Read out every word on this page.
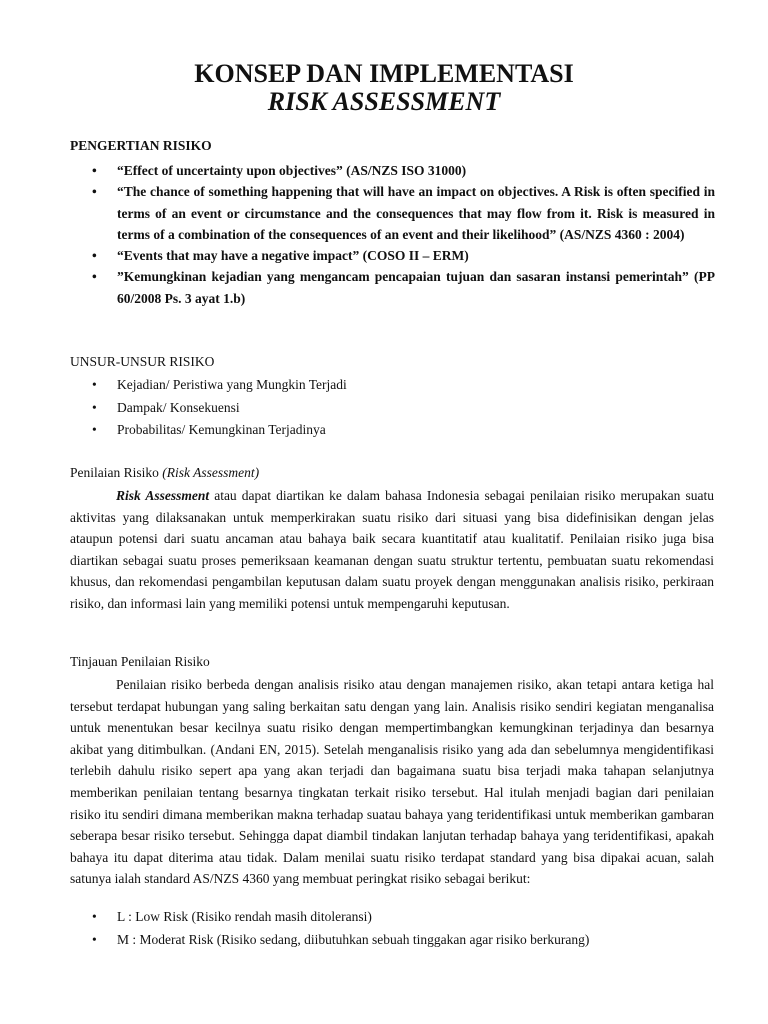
KONSEP DAN IMPLEMENTASI
RISK ASSESSMENT
PENGERTIAN RISIKO
• “Effect of uncertainty upon objectives” (AS/NZS ISO 31000)
• “The chance of something happening that will have an impact on objectives. A Risk is often specified in terms of an event or circumstance and the consequences that may flow from it. Risk is measured in terms of a combination of the consequences of an event and their likelihood” (AS/NZS 4360 : 2004)
• “Events that may have a negative impact” (COSO II – ERM)
• ”Kemungkinan kejadian yang mengancam pencapaian tujuan dan sasaran instansi pemerintah” (PP 60/2008 Ps. 3 ayat 1.b)
UNSUR-UNSUR RISIKO
• Kejadian/ Peristiwa yang Mungkin Terjadi
• Dampak/ Konsekuensi
• Probabilitas/ Kemungkinan Terjadinya
Penilaian Risiko (Risk Assessment)

Risk Assessment atau dapat diartikan ke dalam bahasa Indonesia sebagai penilaian risiko merupakan suatu aktivitas yang dilaksanakan untuk memperkirakan suatu risiko dari situasi yang bisa didefinisikan dengan jelas ataupun potensi dari suatu ancaman atau bahaya baik secara kuantitatif atau kualitatif. Penilaian risiko juga bisa diartikan sebagai suatu proses pemeriksaan keamanan dengan suatu struktur tertentu, pembuatan suatu rekomendasi khusus, dan rekomendasi pengambilan keputusan dalam suatu proyek dengan menggunakan analisis risiko, perkiraan risiko, dan informasi lain yang memiliki potensi untuk mempengaruhi keputusan.

Tinjauan Penilaian Risiko

Penilaian risiko berbeda dengan analisis risiko atau dengan manajemen risiko, akan tetapi antara ketiga hal tersebut terdapat hubungan yang saling berkaitan satu dengan yang lain. Analisis risiko sendiri kegiatan menganalisa untuk menentukan besar kecilnya suatu risiko dengan mempertimbangkan kemungkinan terjadinya dan besarnya akibat yang ditimbulkan. (Andani EN, 2015). Setelah menganalisis risiko yang ada dan sebelumnya mengidentifikasi terlebih dahulu risiko sepert apa yang akan terjadi dan bagaimana suatu bisa terjadi maka tahapan selanjutnya memberikan penilaian tentang besarnya tingkatan terkait risiko tersebut. Hal itulah menjadi bagian dari penilaian risiko itu sendiri dimana memberikan makna terhadap suatau bahaya yang teridentifikasi untuk memberikan gambaran seberapa besar risiko tersebut. Sehingga dapat diambil tindakan lanjutan terhadap bahaya yang teridentifikasi, apakah bahaya itu dapat diterima atau tidak. Dalam menilai suatu risiko terdapat standard yang bisa dipakai acuan, salah satunya ialah standard AS/NZS 4360 yang membuat peringkat risiko sebagai berikut:

• L : Low Risk (Risiko rendah masih ditoleransi)
• M : Moderat Risk (Risiko sedang, diibutuhkan sebuah tinggakan agar risiko berkurang)
